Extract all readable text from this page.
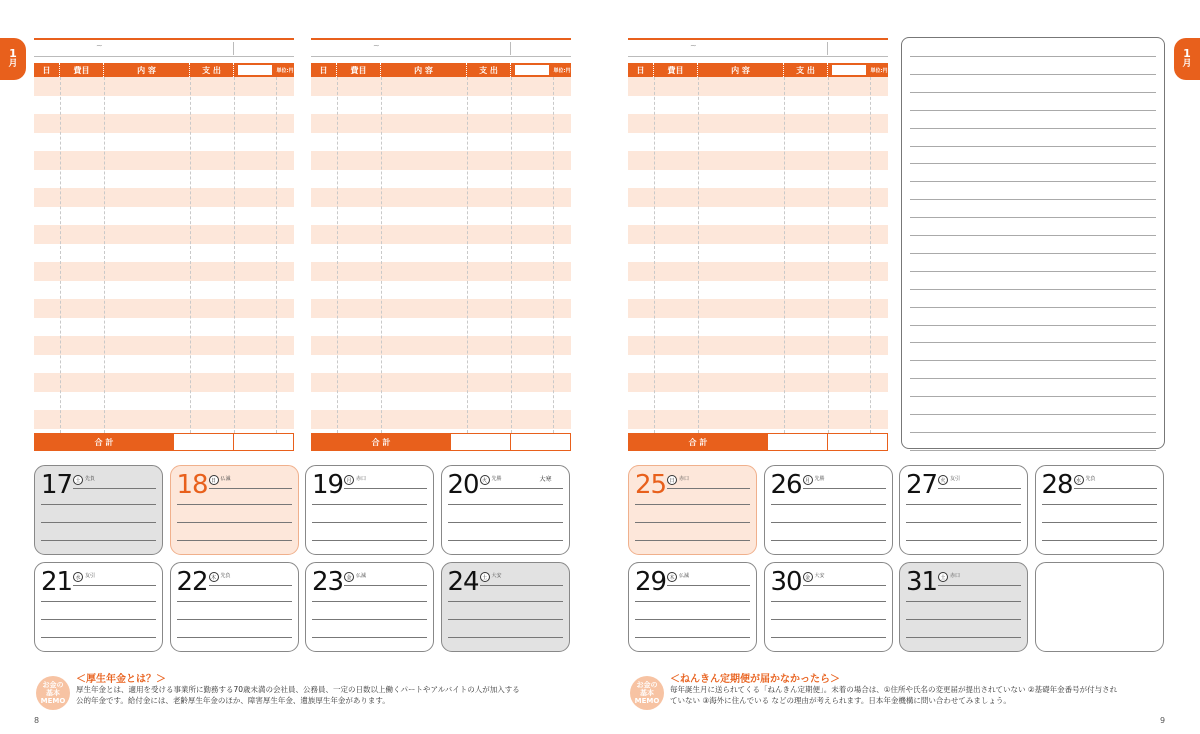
1
月
1
月
~
日	費目	内 容	支 出	単位:円
合 計
~
日	費目	内 容	支 出	単位:円
合 計
~
日	費目	内 容	支 出	単位:円
合 計
17 土 先負	18 日 仏滅	19 月 赤口	20 火 先勝	大寒
21 水 友引	22 木 先負	23 金 仏滅	24 土 大安
25 日 赤口	26 月 先勝	27 火 友引	28 水 先負
29 木 仏滅	30 金 大安	31 土 赤口
お金の
基本
MEMO
＜厚生年金とは？＞
厚生年金とは、適用を受ける事業所に勤務する70歳未満の会社員、公務員、一定の日数以上働くパートやアルバイトの人が加入する
公的年金です。給付金には、老齢厚生年金のほか、障害厚生年金、遺族厚生年金があります。
8
お金の
基本
MEMO
＜ねんきん定期便が届かなかったら＞
毎年誕生月に送られてくる「ねんきん定期便」。未着の場合は、①住所や氏名の変更届が提出されていない ②基礎年金番号が付与され
ていない ③海外に住んでいる などの理由が考えられます。日本年金機構に問い合わせてみましょう。
9
